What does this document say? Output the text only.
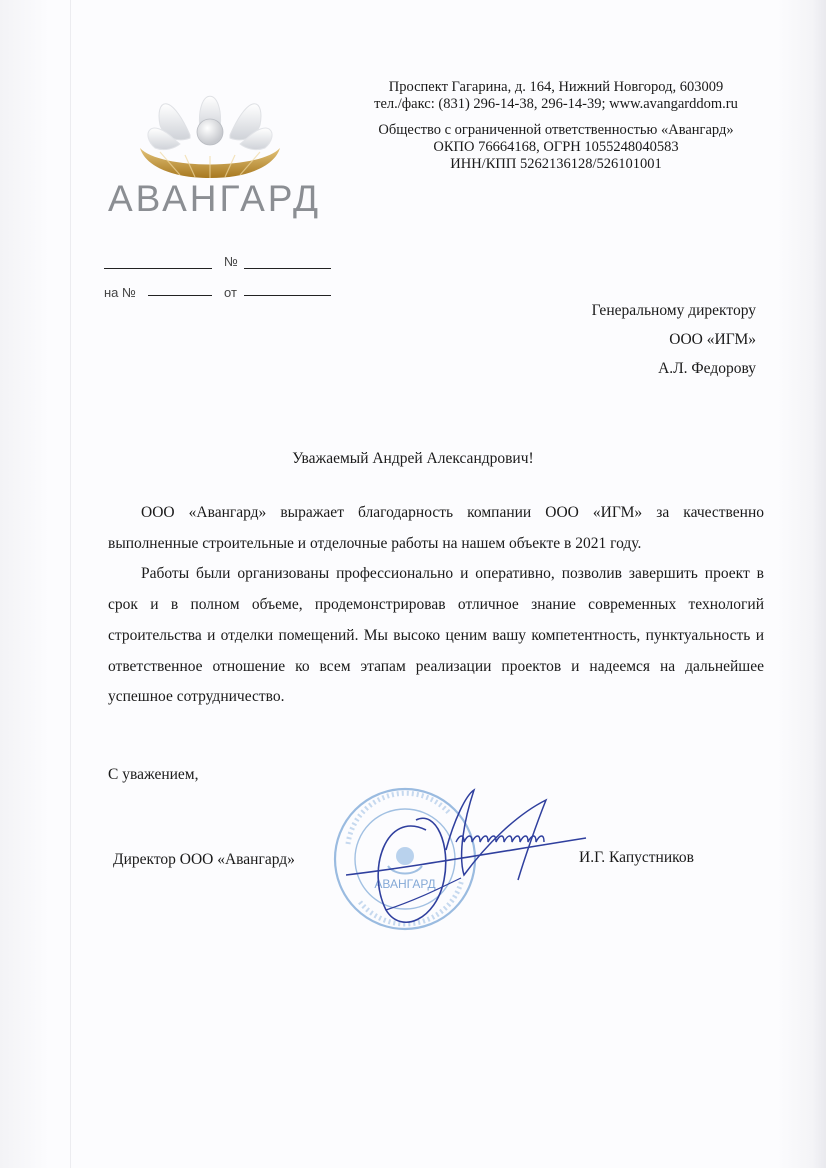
АВАНГАРД
Проспект Гагарина, д. 164, Нижний Новгород, 603009
тел./факс: (831) 296-14-38, 296-14-39; www.avangarddom.ru
Общество с ограниченной ответственностью «Авангард»
ОКПО 76664168, ОГРН 1055248040583
ИНН/КПП 5262136128/526101001
№
на №	от
Генеральному директору
ООО «ИГМ»
А.Л. Федорову
Уважаемый Андрей Александрович!

ООО «Авангард» выражает благодарность компании ООО «ИГМ» за качественно выполненные строительные и отделочные работы на нашем объекте в 2021 году.

Работы были организованы профессионально и оперативно, позволив завершить проект в срок и в полном объеме, продемонстрировав отличное знание современных технологий строительства и отделки помещений. Мы высоко ценим вашу компетентность, пунктуальность и ответственное отношение ко всем этапам реализации проектов и надеемся на дальнейшее успешное сотрудничество.

С уважением,
Директор ООО «Авангард»	И.Г. Капустников
АВАНГАРД
